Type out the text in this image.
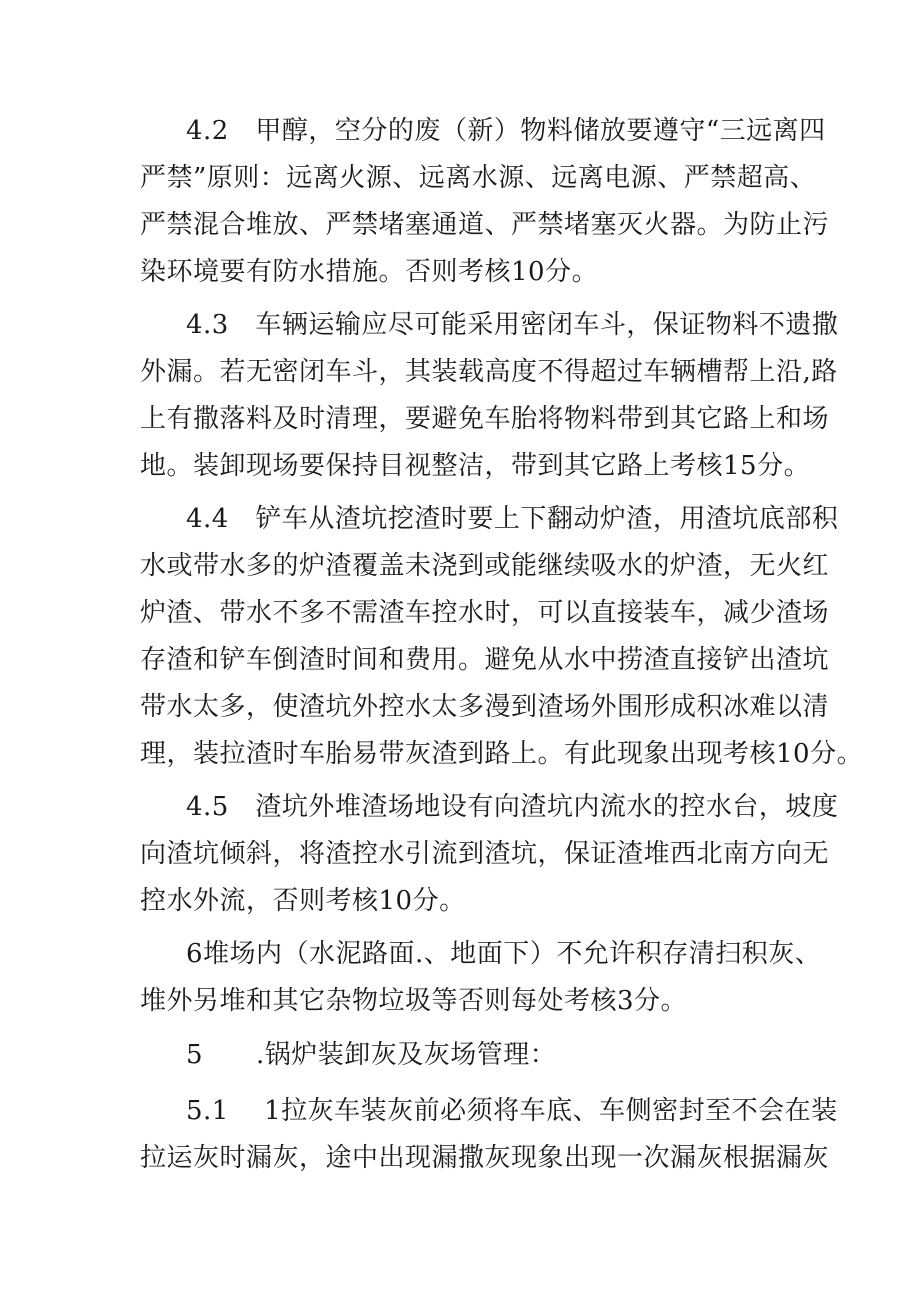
4.2　甲醇，空分的废（新）物料储放要遵守“三远离四
严禁”原则：远离火源、远离水源、远离电源、严禁超高、
严禁混合堆放、严禁堵塞通道、严禁堵塞灭火器。为防止污
染环境要有防水措施。否则考核10分。
4.3　车辆运输应尽可能采用密闭车斗，保证物料不遗撒
外漏。若无密闭车斗，其装载高度不得超过车辆槽帮上沿,路
上有撒落料及时清理，要避免车胎将物料带到其它路上和场
地。装卸现场要保持目视整洁，带到其它路上考核15分。
4.4　铲车从渣坑挖渣时要上下翻动炉渣，用渣坑底部积
水或带水多的炉渣覆盖未浇到或能继续吸水的炉渣，无火红
炉渣、带水不多不需渣车控水时，可以直接装车，减少渣场
存渣和铲车倒渣时间和费用。避免从水中捞渣直接铲出渣坑
带水太多，使渣坑外控水太多漫到渣场外围形成积冰难以清
理，装拉渣时车胎易带灰渣到路上。有此现象出现考核10分。
4.5　渣坑外堆渣场地设有向渣坑内流水的控水台，坡度
向渣坑倾斜，将渣控水引流到渣坑，保证渣堆西北南方向无
控水外流，否则考核10分。
6堆场内（水泥路面.、地面下）不允许积存清扫积灰、
堆外另堆和其它杂物垃圾等否则每处考核3分。
5　　.锅炉装卸灰及灰场管理：
5.1　 1拉灰车装灰前必须将车底、车侧密封至不会在装
拉运灰时漏灰，途中出现漏撒灰现象出现一次漏灰根据漏灰
